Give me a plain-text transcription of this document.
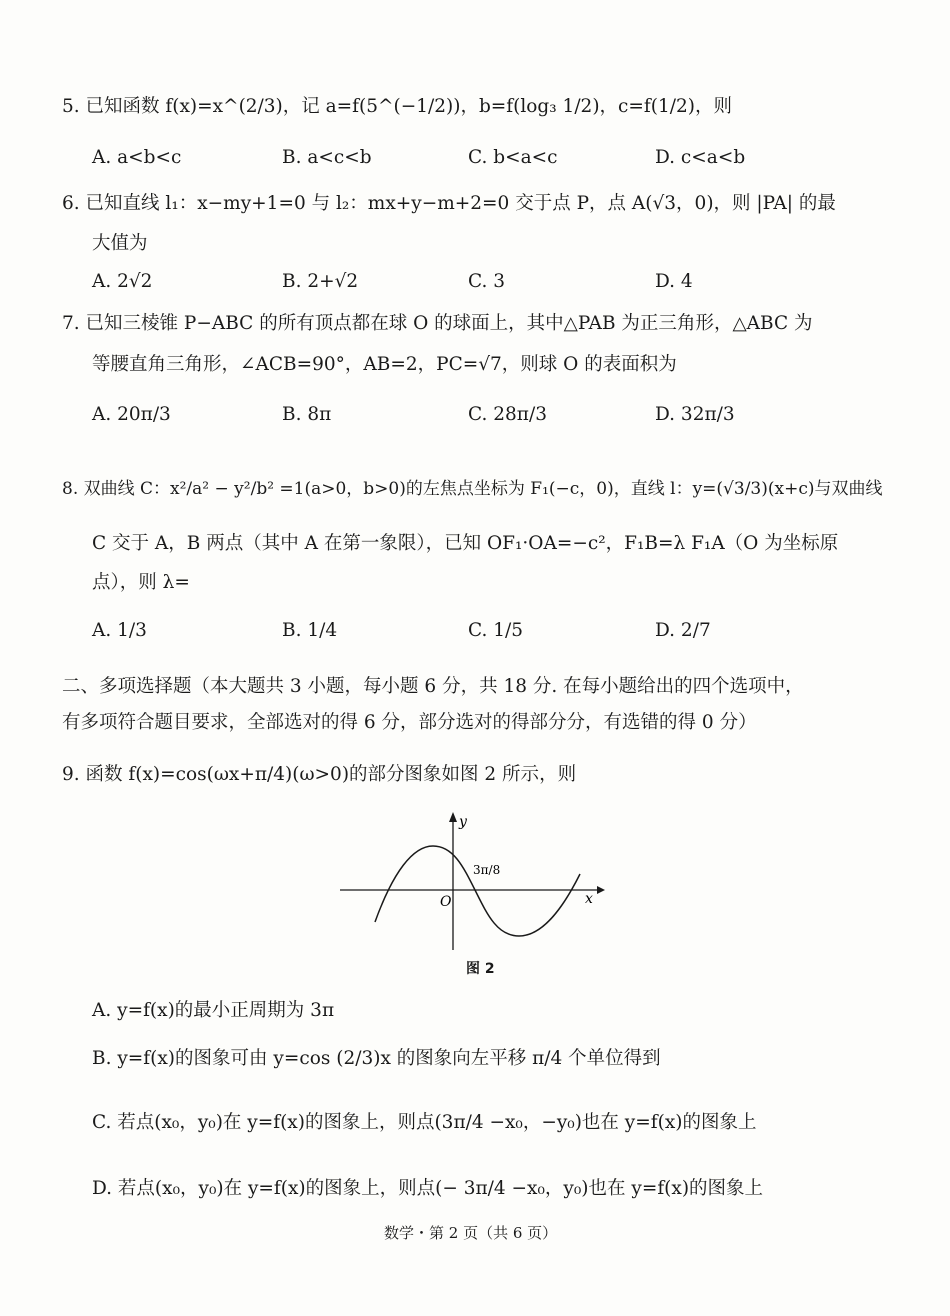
5. 已知函数 f(x)=x^(2/3)，记 a=f(5^(−1/2))，b=f(log₃ 1/2)，c=f(1/2)，则
A. a<b<c	B. a<c<b	C. b<a<c	D. c<a<b
6. 已知直线 l₁：x−my+1=0 与 l₂：mx+y−m+2=0 交于点 P，点 A(√3，0)，则 |PA| 的最
大值为
A. 2√2	B. 2+√2	C. 3	D. 4
7. 已知三棱锥 P−ABC 的所有顶点都在球 O 的球面上，其中△PAB 为正三角形，△ABC 为
等腰直角三角形，∠ACB=90°，AB=2，PC=√7，则球 O 的表面积为
A. 20π/3	B. 8π	C. 28π/3	D. 32π/3
8. 双曲线 C：x²/a² − y²/b² =1(a>0，b>0)的左焦点坐标为 F₁(−c，0)，直线 l：y=(√3/3)(x+c)与双曲线
C 交于 A，B 两点（其中 A 在第一象限），已知 OF₁·OA=−c²，F₁B=λ F₁A（O 为坐标原
点），则 λ=
A. 1/3	B. 1/4	C. 1/5	D. 2/7
二、多项选择题（本大题共 3 小题，每小题 6 分，共 18 分. 在每小题给出的四个选项中，
有多项符合题目要求，全部选对的得 6 分，部分选对的得部分分，有选错的得 0 分）
9. 函数 f(x)=cos(ωx+π/4)(ω>0)的部分图象如图 2 所示，则
y
x
O
3π/8
图 2
A. y=f(x)的最小正周期为 3π
B. y=f(x)的图象可由 y=cos (2/3)x 的图象向左平移 π/4 个单位得到
C. 若点(x₀，y₀)在 y=f(x)的图象上，则点(3π/4 −x₀，−y₀)也在 y=f(x)的图象上
D. 若点(x₀，y₀)在 y=f(x)的图象上，则点(− 3π/4 −x₀，y₀)也在 y=f(x)的图象上
数学・第 2 页（共 6 页）
